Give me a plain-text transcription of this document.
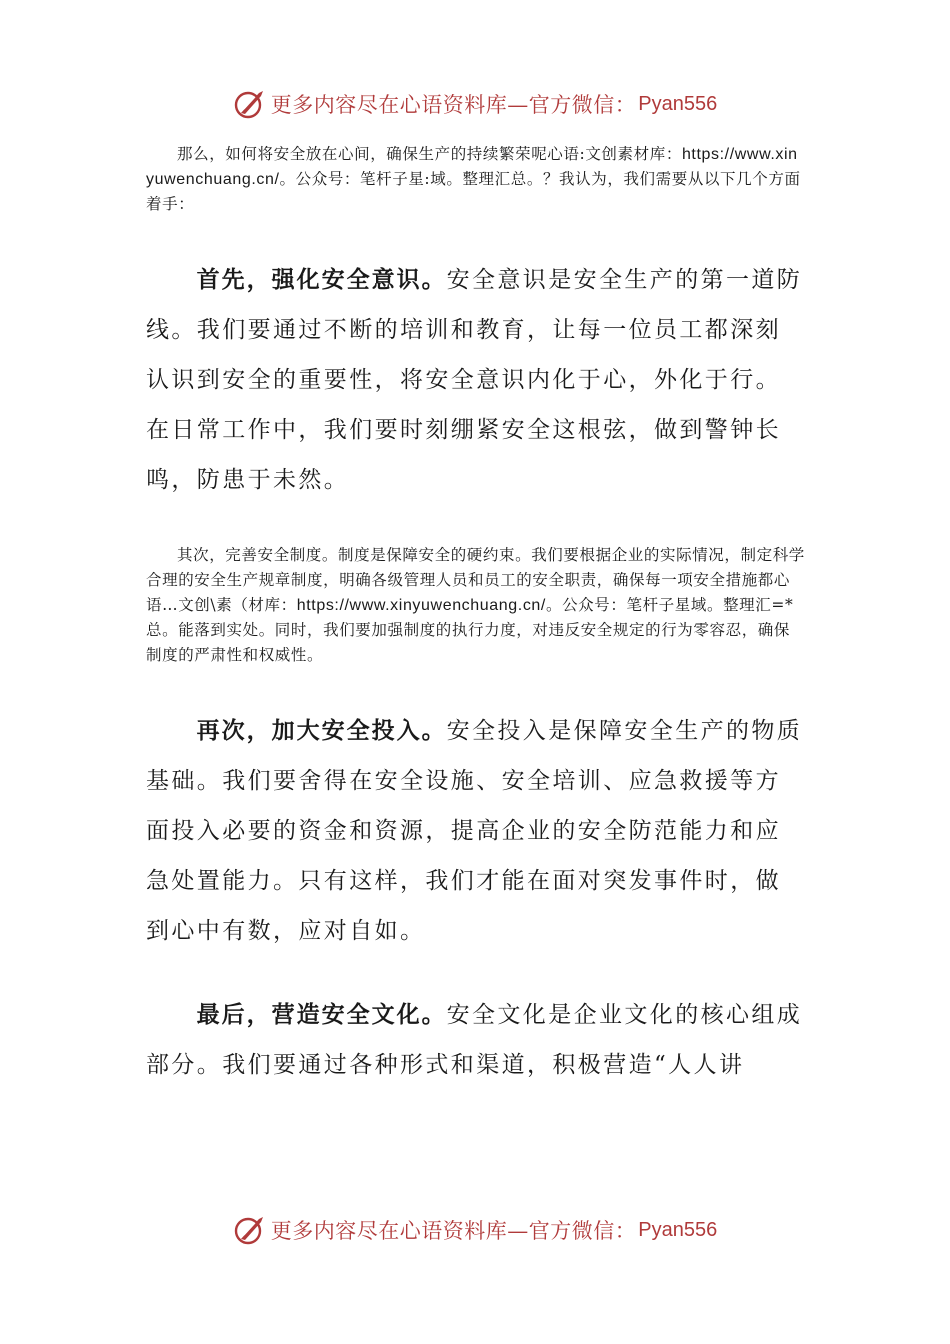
更多内容尽在心语资料库—官方微信： Pyan556

那么，如何将安全放在心间，确保生产的持续繁荣呢心语:文创素材库：https://www.xinyuwenchuang.cn/。公众号：笔杆子星:域。整理汇总。？我认为，我们需要从以下几个方面着手：

首先，强化安全意识。安全意识是安全生产的第一道防线。我们要通过不断的培训和教育，让每一位员工都深刻认识到安全的重要性，将安全意识内化于心，外化于行。在日常工作中，我们要时刻绷紧安全这根弦，做到警钟长鸣，防患于未然。

其次，完善安全制度。制度是保障安全的硬约束。我们要根据企业的实际情况，制定科学合理的安全生产规章制度，明确各级管理人员和员工的安全职责，确保每一项安全措施都心语…文创\素（材库：https://www.xinyuwenchuang.cn/。公众号：笔杆子星域。整理汇=*总。能落到实处。同时，我们要加强制度的执行力度，对违反安全规定的行为零容忍，确保制度的严肃性和权威性。

再次，加大安全投入。安全投入是保障安全生产的物质基础。我们要舍得在安全设施、安全培训、应急救援等方面投入必要的资金和资源，提高企业的安全防范能力和应急处置能力。只有这样，我们才能在面对突发事件时，做到心中有数，应对自如。

最后，营造安全文化。安全文化是企业文化的核心组成部分。我们要通过各种形式和渠道，积极营造“人人讲

更多内容尽在心语资料库—官方微信： Pyan556
